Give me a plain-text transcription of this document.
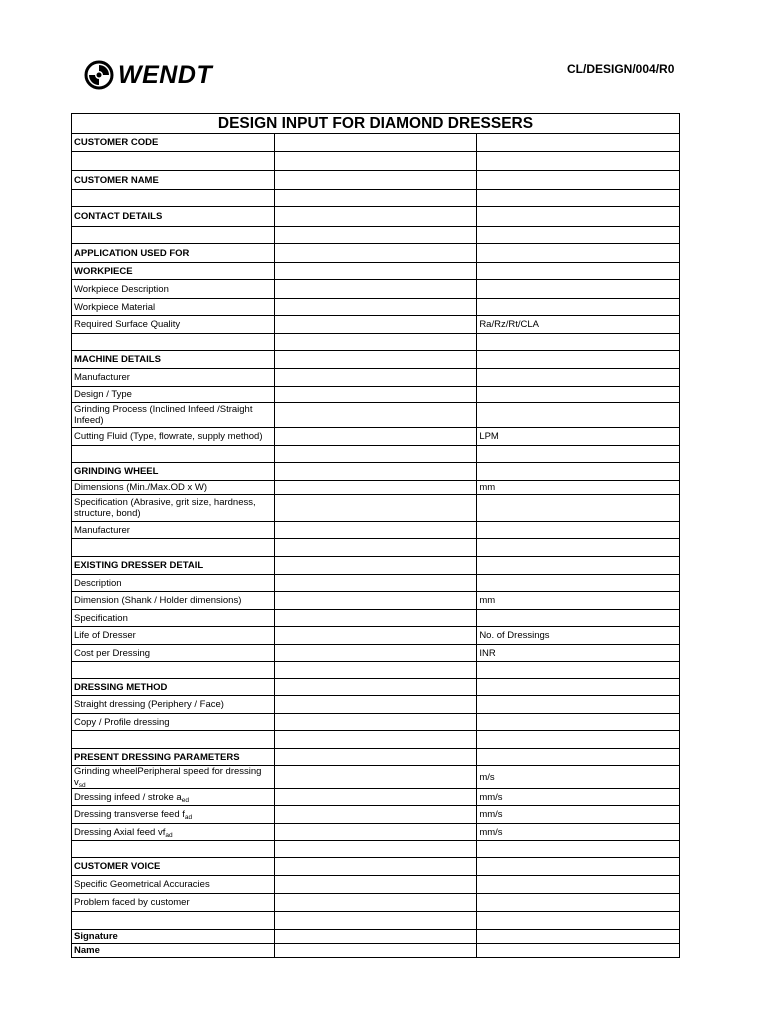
WENDT	CL/DESIGN/004/R0
DESIGN INPUT FOR DIAMOND DRESSERS		
CUSTOMER CODE		

CUSTOMER NAME		

CONTACT DETAILS		

APPLICATION USED FOR		
WORKPIECE		
Workpiece Description		
Workpiece Material		
Required Surface Quality		Ra/Rz/Rt/CLA

MACHINE DETAILS		
Manufacturer		
Design / Type		
Grinding Process (Inclined Infeed /Straight Infeed)		
Cutting Fluid (Type, flowrate, supply method)		LPM

GRINDING WHEEL		
Dimensions (Min./Max.OD x W)		mm
Specification (Abrasive, grit size, hardness, structure, bond)		
Manufacturer		

EXISTING DRESSER DETAIL		
Description		
Dimension (Shank / Holder dimensions)		mm
Specification		
Life of Dresser		No. of Dressings
Cost per Dressing		INR

DRESSING METHOD		
Straight dressing (Periphery / Face)		
Copy / Profile dressing		

PRESENT DRESSING PARAMETERS		
Grinding wheelPeripheral speed for dressing $v_{sd}$		m/s
Dressing infeed / stroke $a_{ed}$		mm/s
Dressing transverse feed $f_{ad}$		mm/s
Dressing Axial feed $vf_{ad}$		mm/s

CUSTOMER VOICE		
Specific Geometrical Accuracies		
Problem faced by customer		

Signature		
Name		
